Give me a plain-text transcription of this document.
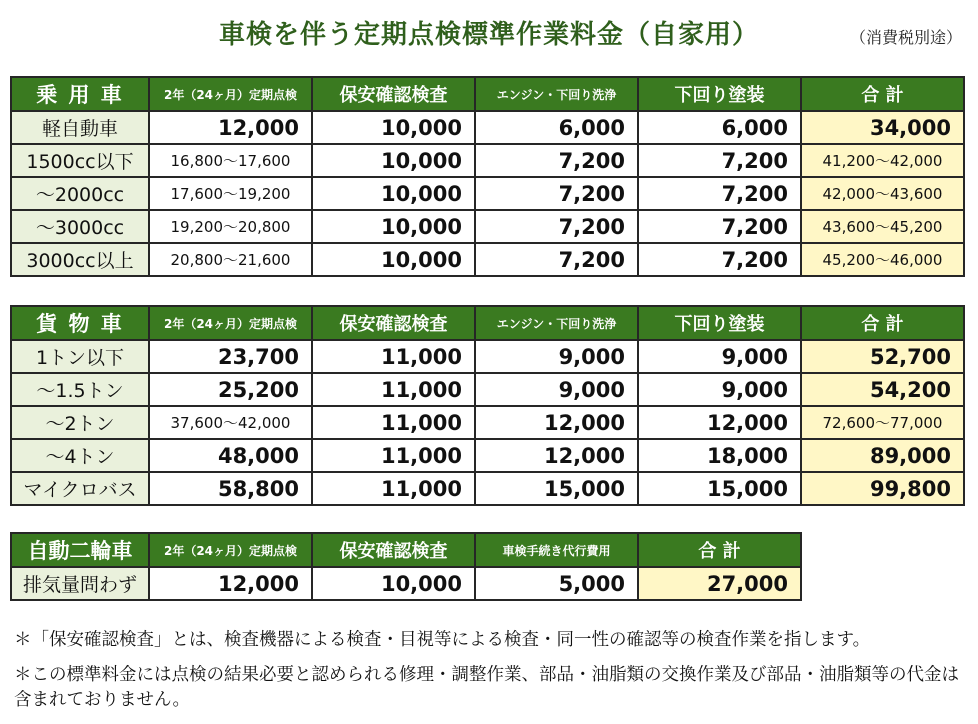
車検を伴う定期点検標準作業料金（自家用）	（消費税別途）
乗 用 車	2年（24ヶ月）定期点検	保安確認検査	エンジン・下回り洗浄	下回り塗装	合 計
軽自動車	12,000	10,000	6,000	6,000	34,000
1500cc以下	16,800～17,600	10,000	7,200	7,200	41,200～42,000
～2000cc	17,600～19,200	10,000	7,200	7,200	42,000～43,600
～3000cc	19,200～20,800	10,000	7,200	7,200	43,600～45,200
3000cc以上	20,800～21,600	10,000	7,200	7,200	45,200～46,000
貨 物 車	2年（24ヶ月）定期点検	保安確認検査	エンジン・下回り洗浄	下回り塗装	合 計
1トン以下	23,700	11,000	9,000	9,000	52,700
～1.5トン	25,200	11,000	9,000	9,000	54,200
～2トン	37,600～42,000	11,000	12,000	12,000	72,600～77,000
～4トン	48,000	11,000	12,000	18,000	89,000
マイクロバス	58,800	11,000	15,000	15,000	99,800
自動二輪車	2年（24ヶ月）定期点検	保安確認検査	車検手続き代行費用	合 計
排気量問わず	12,000	10,000	5,000	27,000
＊「保安確認検査」とは、検査機器による検査・目視等による検査・同一性の確認等の検査作業を指します。
＊この標準料金には点検の結果必要と認められる修理・調整作業、部品・油脂類の交換作業及び部品・油脂類等の代金は含まれておりません。
